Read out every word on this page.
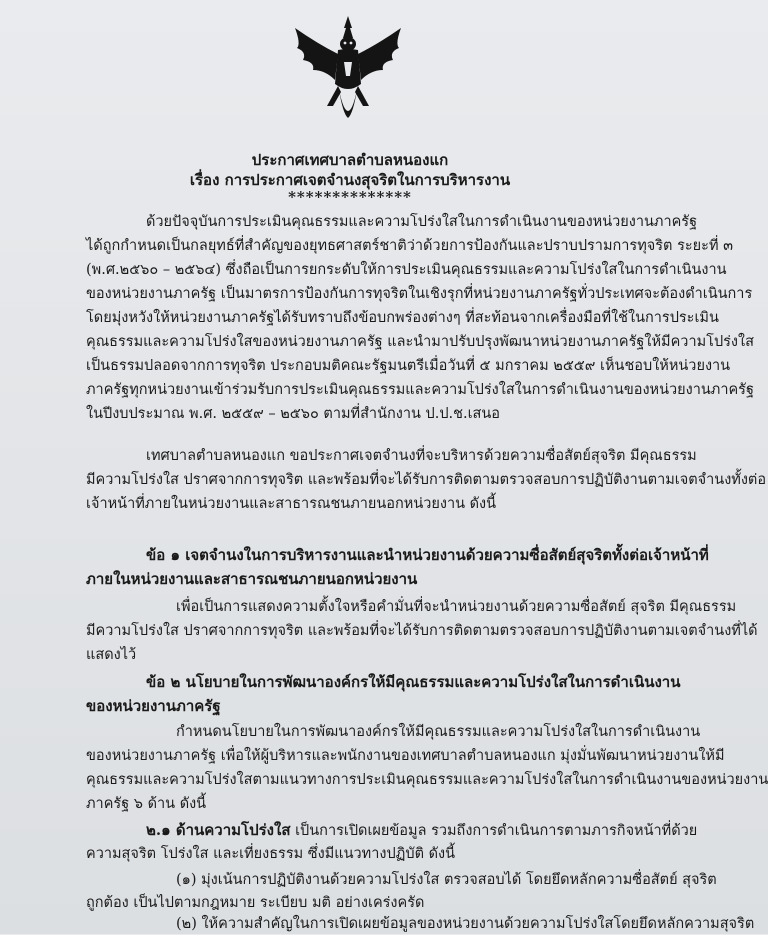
ประกาศเทศบาลตำบลหนองแก
เรื่อง การประกาศเจตจำนงสุจริตในการบริหารงาน
**************

ด้วยปัจจุบันการประเมินคุณธรรมและความโปร่งใสในการดำเนินงานของหน่วยงานภาครัฐ

ได้ถูกกำหนดเป็นกลยุทธ์ที่สำคัญของยุทธศาสตร์ชาติว่าด้วยการป้องกันและปราบปรามการทุจริต ระยะที่ ๓

(พ.ศ.๒๕๖๐ – ๒๕๖๔) ซึ่งถือเป็นการยกระดับให้การประเมินคุณธรรมและความโปร่งใสในการดำเนินงาน

ของหน่วยงานภาครัฐ เป็นมาตรการป้องกันการทุจริตในเชิงรุกที่หน่วยงานภาครัฐทั่วประเทศจะต้องดำเนินการ

โดยมุ่งหวังให้หน่วยงานภาครัฐได้รับทราบถึงข้อบกพร่องต่างๆ ที่สะท้อนจากเครื่องมือที่ใช้ในการประเมิน

คุณธรรมและความโปร่งใสของหน่วยงานภาครัฐ และนำมาปรับปรุงพัฒนาหน่วยงานภาครัฐให้มีความโปร่งใส

เป็นธรรมปลอดจากการทุจริต ประกอบมติคณะรัฐมนตรีเมื่อวันที่ ๕ มกราคม ๒๕๕๙ เห็นชอบให้หน่วยงาน

ภาครัฐทุกหน่วยงานเข้าร่วมรับการประเมินคุณธรรมและความโปร่งใสในการดำเนินงานของหน่วยงานภาครัฐ

ในปีงบประมาณ พ.ศ. ๒๕๕๙ – ๒๕๖๐ ตามที่สำนักงาน ป.ป.ช.เสนอ

เทศบาลตำบลหนองแก ขอประกาศเจตจำนงที่จะบริหารด้วยความซื่อสัตย์สุจริต มีคุณธรรม

มีความโปร่งใส ปราศจากการทุจริต และพร้อมที่จะได้รับการติดตามตรวจสอบการปฏิบัติงานตามเจตจำนงทั้งต่อ

เจ้าหน้าที่ภายในหน่วยงานและสาธารณชนภายนอกหน่วยงาน ดังนี้

ข้อ ๑ เจตจำนงในการบริหารงานและนำหน่วยงานด้วยความซื่อสัตย์สุจริตทั้งต่อเจ้าหน้าที่

ภายในหน่วยงานและสาธารณชนภายนอกหน่วยงาน

เพื่อเป็นการแสดงความตั้งใจหรือคำมั่นที่จะนำหน่วยงานด้วยความซื่อสัตย์ สุจริต มีคุณธรรม

มีความโปร่งใส ปราศจากการทุจริต และพร้อมที่จะได้รับการติดตามตรวจสอบการปฏิบัติงานตามเจตจำนงที่ได้

แสดงไว้

ข้อ ๒ นโยบายในการพัฒนาองค์กรให้มีคุณธรรมและความโปร่งใสในการดำเนินงาน

ของหน่วยงานภาครัฐ

กำหนดนโยบายในการพัฒนาองค์กรให้มีคุณธรรมและความโปร่งใสในการดำเนินงาน

ของหน่วยงานภาครัฐ เพื่อให้ผู้บริหารและพนักงานของเทศบาลตำบลหนองแก มุ่งมั่นพัฒนาหน่วยงานให้มี

คุณธรรมและความโปร่งใสตามแนวทางการประเมินคุณธรรมและความโปร่งใสในการดำเนินงานของหน่วยงาน

ภาครัฐ ๖ ด้าน ดังนี้

๒.๑ ด้านความโปร่งใส เป็นการเปิดเผยข้อมูล รวมถึงการดำเนินการตามภารกิจหน้าที่ด้วย

ความสุจริต โปร่งใส และเที่ยงธรรม ซึ่งมีแนวทางปฏิบัติ ดังนี้

(๑) มุ่งเน้นการปฏิบัติงานด้วยความโปร่งใส ตรวจสอบได้ โดยยึดหลักความซื่อสัตย์ สุจริต

ถูกต้อง เป็นไปตามกฎหมาย ระเบียบ มติ อย่างเคร่งครัด

(๒) ให้ความสำคัญในการเปิดเผยข้อมูลของหน่วยงานด้วยความโปร่งใสโดยยึดหลักความสุจริต
